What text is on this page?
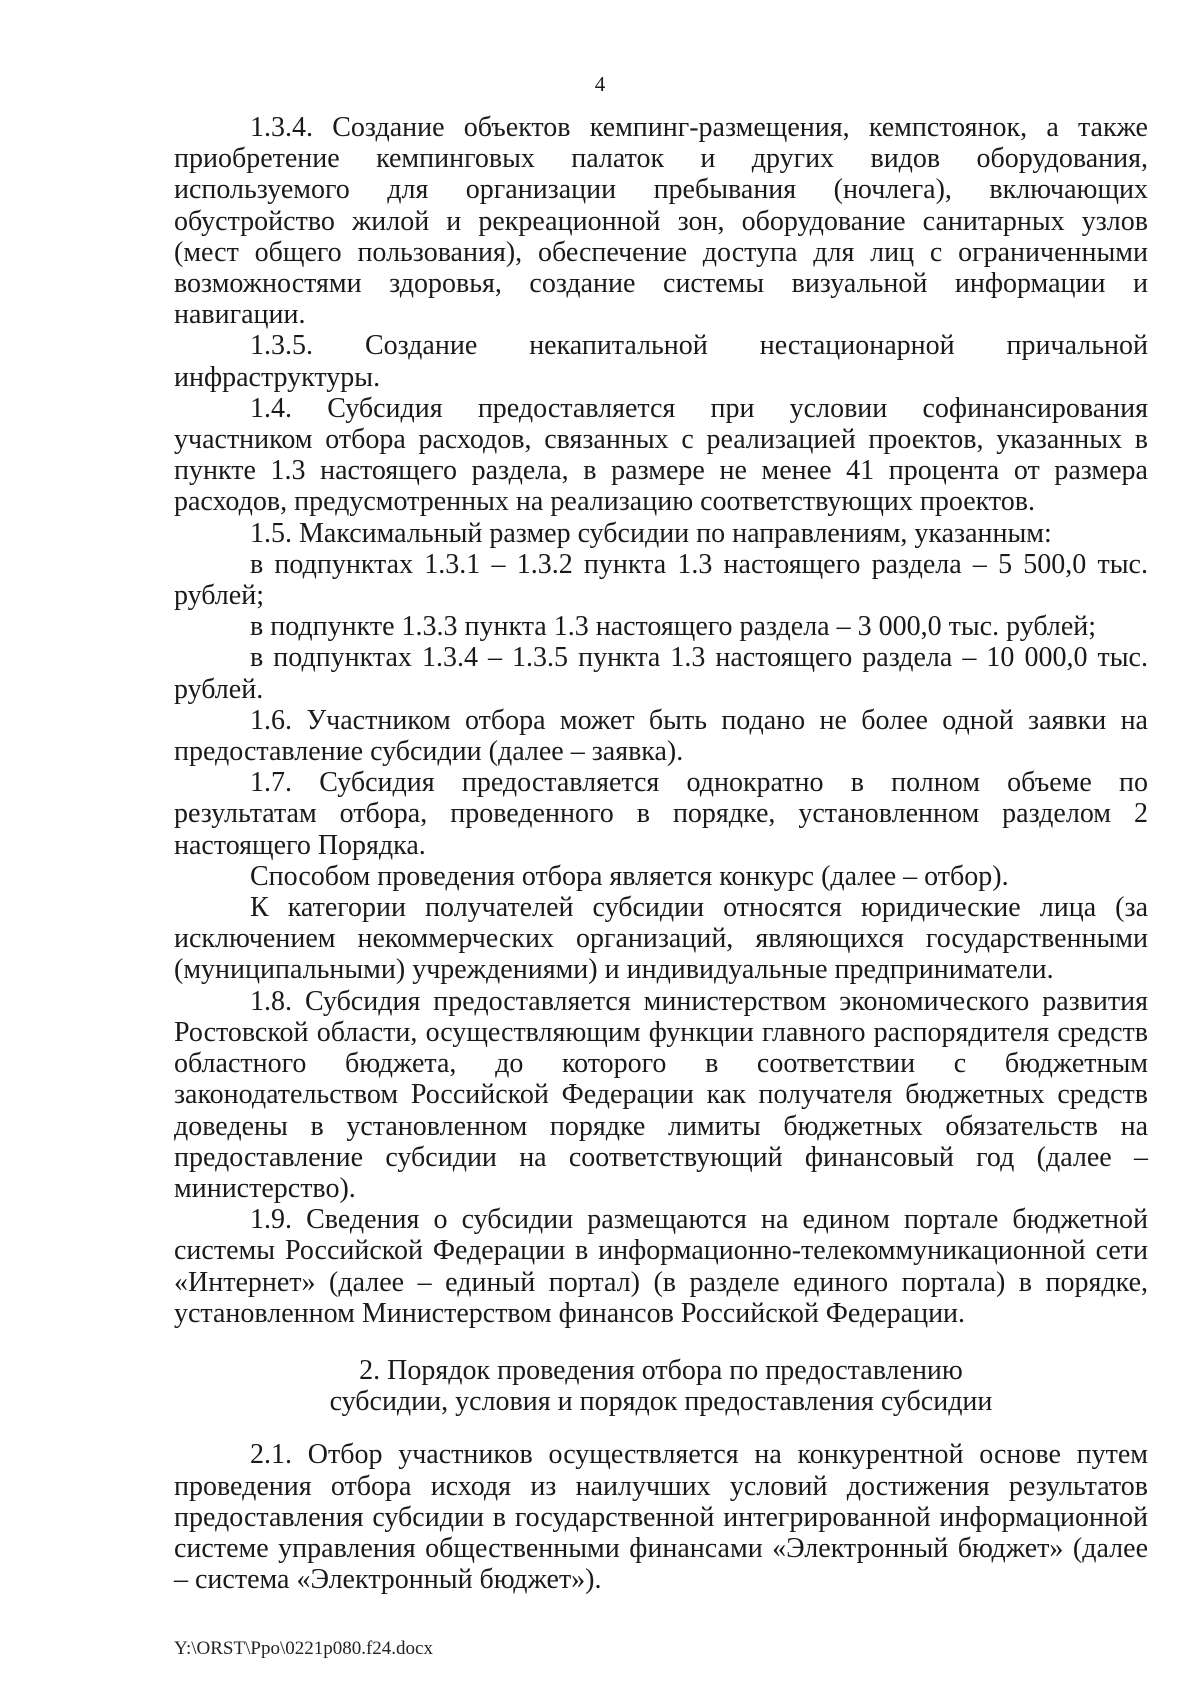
4

1.3.4. Создание объектов кемпинг-размещения, кемпстоянок, а также приобретение кемпинговых палаток и других видов оборудования, используемого для организации пребывания (ночлега), включающих обустройство жилой и рекреационной зон, оборудование санитарных узлов (мест общего пользования), обеспечение доступа для лиц с ограниченными возможностями здоровья, создание системы визуальной информации и навигации.

1.3.5. Создание некапитальной нестационарной причальной инфраструктуры.

1.4. Субсидия предоставляется при условии софинансирования участником отбора расходов, связанных с реализацией проектов, указанных в пункте 1.3 настоящего раздела, в размере не менее 41 процента от размера расходов, предусмотренных на реализацию соответствующих проектов.

1.5. Максимальный размер субсидии по направлениям, указанным:

в подпунктах 1.3.1 – 1.3.2 пункта 1.3 настоящего раздела – 5 500,0 тыс. рублей;

в подпункте 1.3.3 пункта 1.3 настоящего раздела – 3 000,0 тыс. рублей;

в подпунктах 1.3.4 – 1.3.5 пункта 1.3 настоящего раздела – 10 000,0 тыс. рублей.

1.6. Участником отбора может быть подано не более одной заявки на предоставление субсидии (далее – заявка).

1.7. Субсидия предоставляется однократно в полном объеме по результатам отбора, проведенного в порядке, установленном разделом 2 настоящего Порядка.

Способом проведения отбора является конкурс (далее – отбор).

К категории получателей субсидии относятся юридические лица (за исключением некоммерческих организаций, являющихся государственными (муниципальными) учреждениями) и индивидуальные предприниматели.

1.8. Субсидия предоставляется министерством экономического развития Ростовской области, осуществляющим функции главного распорядителя средств областного бюджета, до которого в соответствии с бюджетным законодательством Российской Федерации как получателя бюджетных средств доведены в установленном порядке лимиты бюджетных обязательств на предоставление субсидии на соответствующий финансовый год (далее – министерство).

1.9. Сведения о субсидии размещаются на едином портале бюджетной системы Российской Федерации в информационно-телекоммуникационной сети «Интернет» (далее – единый портал) (в разделе единого портала) в порядке, установленном Министерством финансов Российской Федерации.

2. Порядок проведения отбора по предоставлению
субсидии, условия и порядок предоставления субсидии

2.1. Отбор участников осуществляется на конкурентной основе путем проведения отбора исходя из наилучших условий достижения результатов предоставления субсидии в государственной интегрированной информационной системе управления общественными финансами «Электронный бюджет» (далее – система «Электронный бюджет»).

Y:\ORST\Ppo\0221p080.f24.docx
